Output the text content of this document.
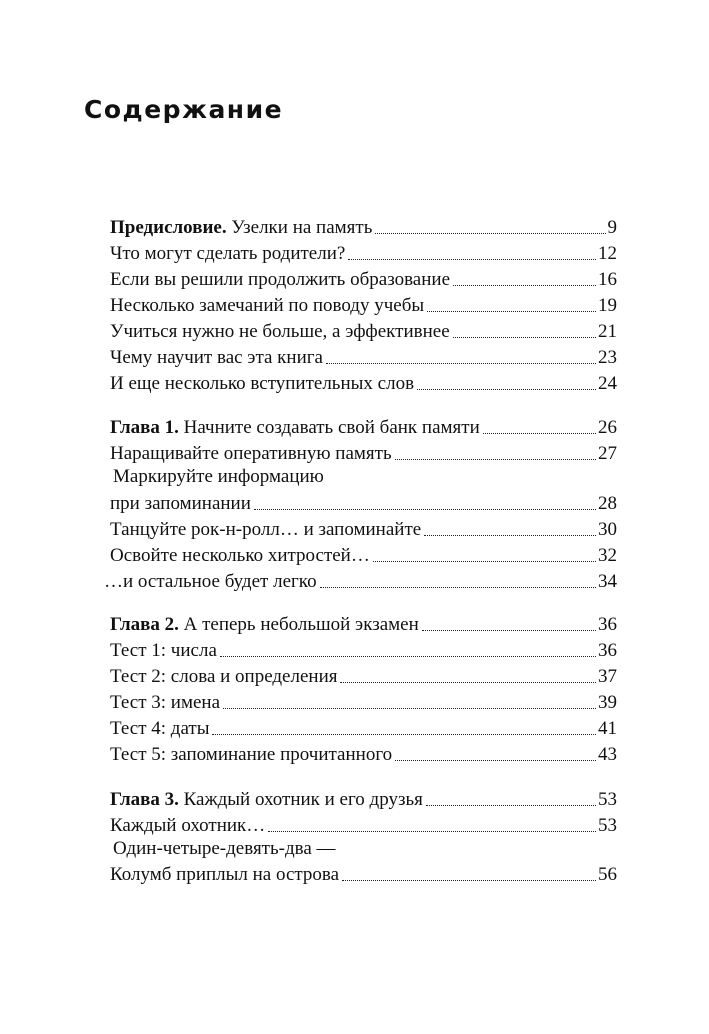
Содержание
Предисловие. Узелки на память	9
Что могут сделать родители?	12
Если вы решили продолжить образование	16
Несколько замечаний по поводу учебы	19
Учиться нужно не больше, а эффективнее	21
Чему научит вас эта книга	23
И еще несколько вступительных слов	24
Глава 1. Начните создавать свой банк памяти	26
Наращивайте оперативную память	27
Маркируйте информацию
при запоминании	28
Танцуйте рок-н-ролл… и запоминайте	30
Освойте несколько хитростей…	32
…и остальное будет легко	34
Глава 2. А теперь небольшой экзамен	36
Тест 1: числа	36
Тест 2: слова и определения	37
Тест 3: имена	39
Тест 4: даты	41
Тест 5: запоминание прочитанного	43
Глава 3. Каждый охотник и его друзья	53
Каждый охотник…	53
Один-четыре-девять-два —
Колумб приплыл на острова	56
